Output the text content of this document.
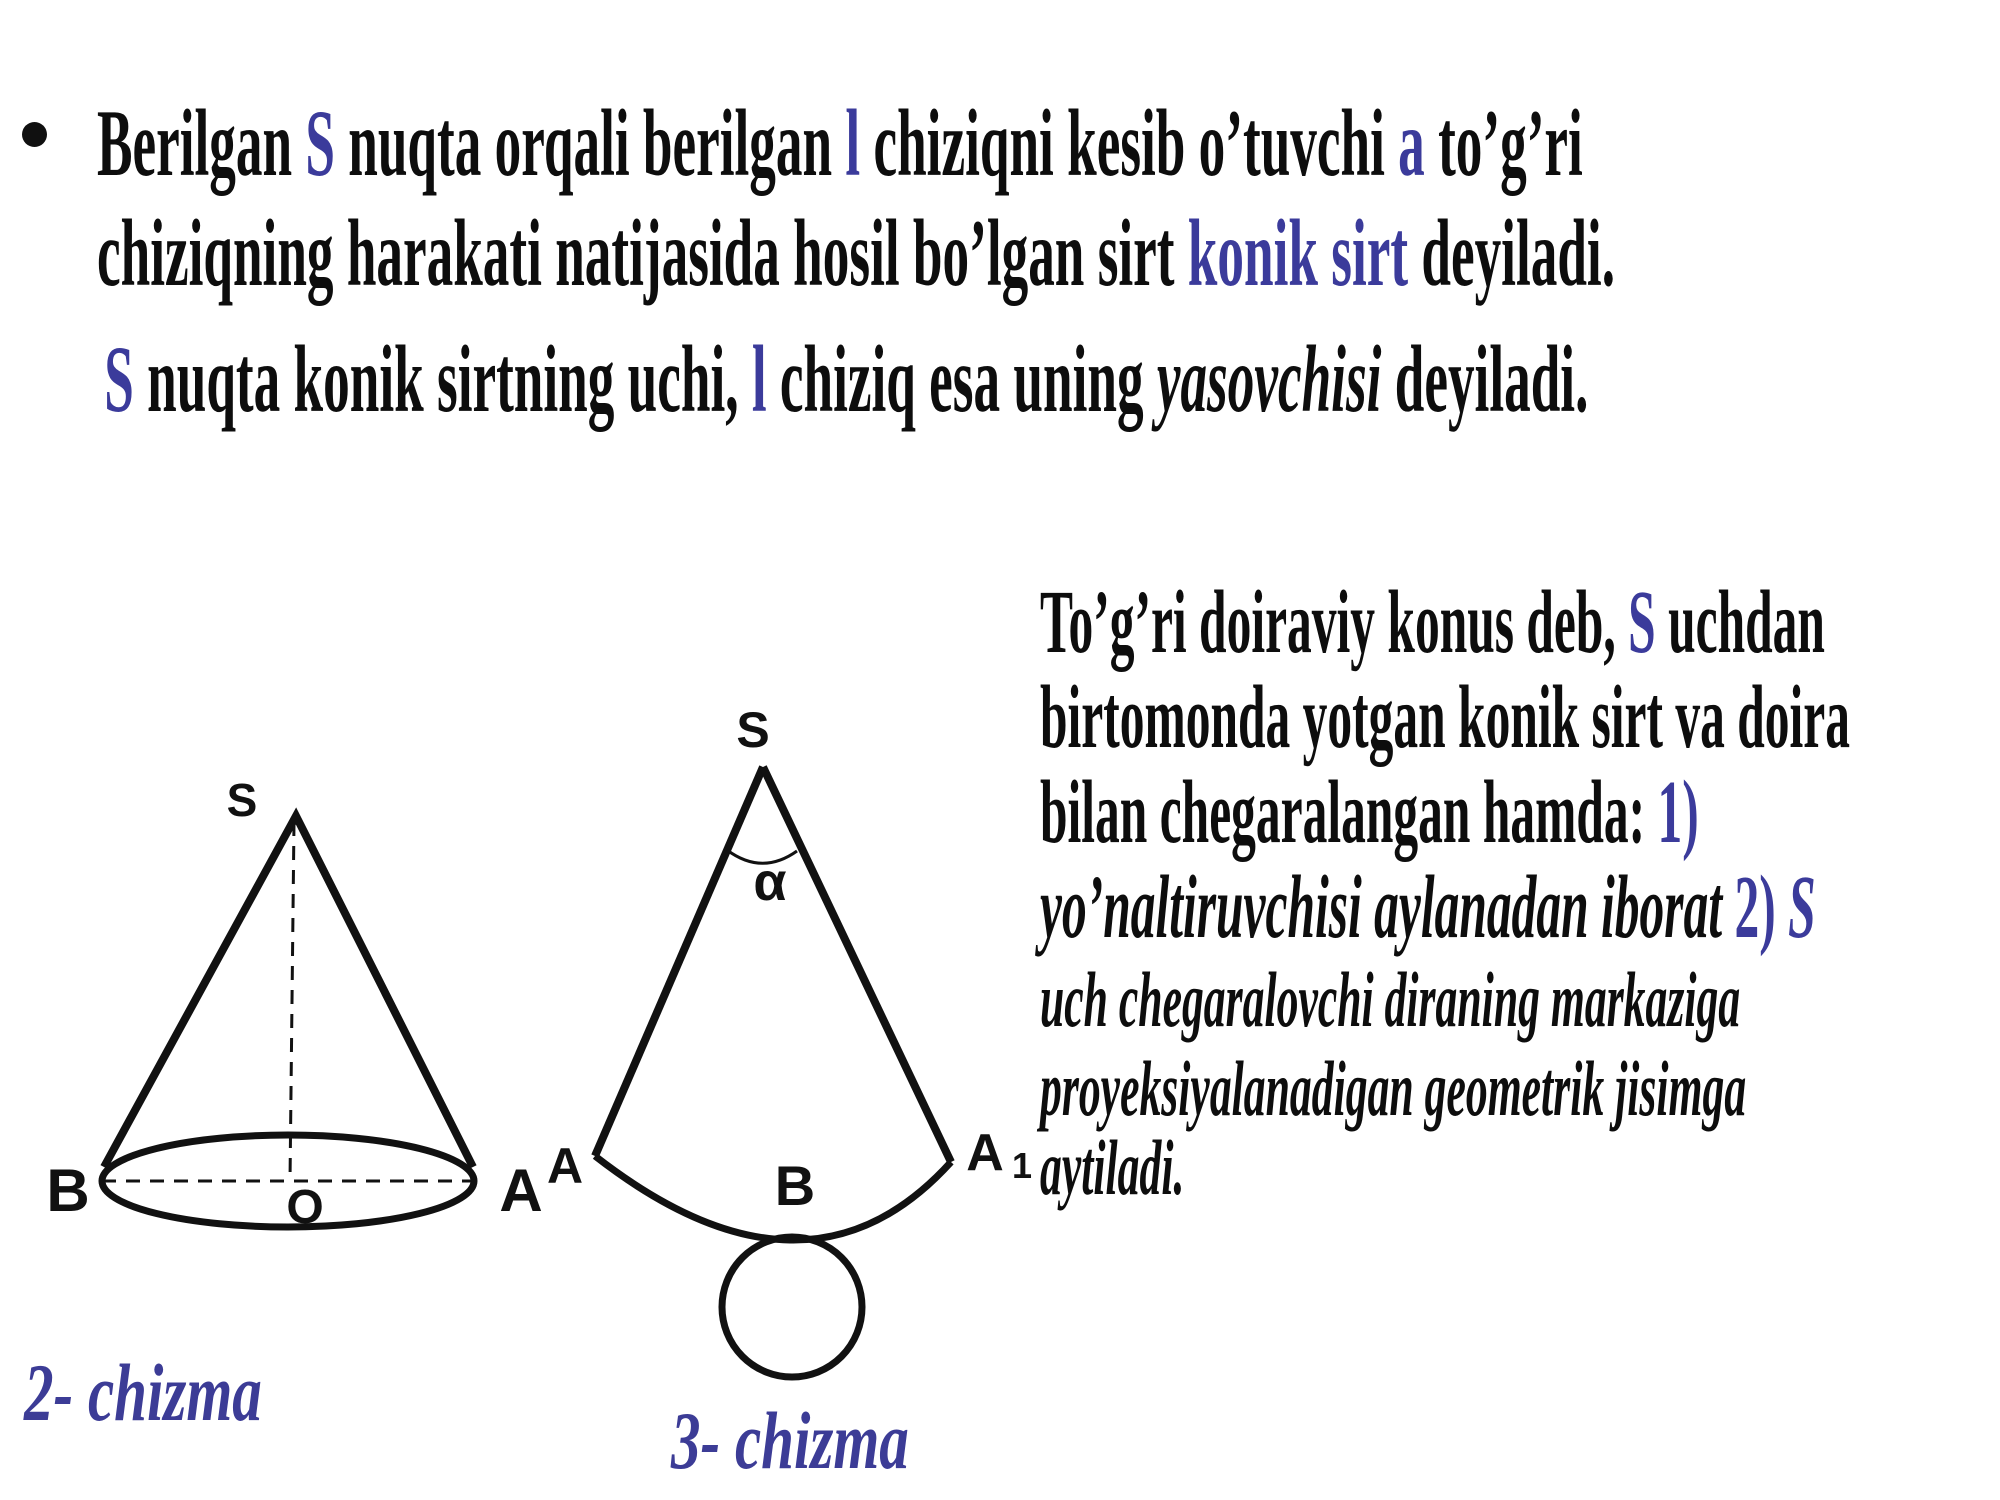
Berilgan S nuqta orqali berilgan l chiziqni kesib o’tuvchi a to’g’ri
chiziqning harakati natijasida hosil bo’lgan sirt konik sirt deyiladi.
S nuqta konik sirtning uchi, l chiziq esa uning yasovchisi deyiladi.
To’g’ri doiraviy konus deb, S uchdan
birtomonda yotgan konik sirt va doira
bilan chegaralangan hamda: 1)
yo’naltiruvchisi aylanadan iborat 2) S
uch chegaralovchi diraning markaziga
proyeksiyalanadigan geometrik jisimga
aytiladi.
S
B	A
O
S
α
A	B
A 1
2- chizma
3- chizma
